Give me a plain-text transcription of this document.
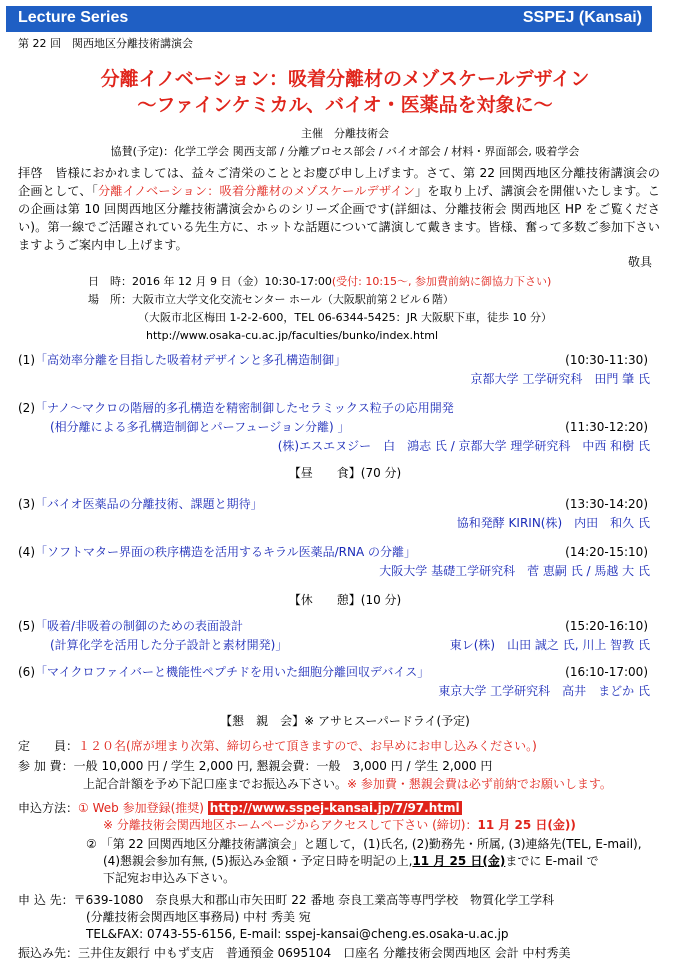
Lecture Series	SSPEJ (Kansai)
第 22 回　関西地区分離技術講演会
分離イノベーション：吸着分離材のメゾスケールデザイン
～ファインケミカル、バイオ・医薬品を対象に～
主催　分離技術会
協賛(予定)：化学工学会 関西支部 / 分離プロセス部会 / バイオ部会 / 材料・界面部会, 吸着学会
拝啓　皆様におかれましては、益々ご清栄のこととお慶び申し上げます。さて、第 22 回関西地区分離技術講演会の企画として、「分離イノベーション：吸着分離材のメゾスケールデザイン」を取り上げ、講演会を開催いたします。この企画は第 10 回関西地区分離技術講演会からのシリーズ企画です(詳細は、分離技術会 関西地区 HP をご覧ください)。第一線でご活躍されている先生方に、ホットな話題について講演して戴きます。皆様、奮って多数ご参加下さいますようご案内申し上げます。
敬具
日　時：2016 年 12 月 9 日（金）10:30-17:00(受付: 10:15～, 参加費前納に御協力下さい)
場　所：大阪市立大学文化交流センター ホール（大阪駅前第２ビル６階）
（大阪市北区梅田 1-2-2-600，TEL 06-6344-5425：JR 大阪駅下車，徒歩 10 分）
http://www.osaka-cu.ac.jp/faculties/bunko/index.html
(1)「高効率分離を目指した吸着材デザインと多孔構造制御」	(10:30-11:30)
京都大学 工学研究科　田門 肇 氏
(2)「ナノ～マクロの階層的多孔構造を精密制御したセラミックス粒子の応用開発
(相分離による多孔構造制御とパーフュージョン分離) 」	(11:30-12:20)
(株)エスエヌジー　白　鴻志 氏 / 京都大学 理学研究科　中西 和樹 氏
【昼　　食】(70 分)
(3)「バイオ医薬品の分離技術、課題と期待」	(13:30-14:20)
協和発酵 KIRIN(株)　内田　和久 氏
(4)「ソフトマター界面の秩序構造を活用するキラル医薬品/RNA の分離」	(14:20-15:10)
大阪大学 基礎工学研究科　菅 恵嗣 氏 / 馬越 大 氏
【休　　憩】(10 分)
(5)「吸着/非吸着の制御のための表面設計	(15:20-16:10)
(計算化学を活用した分子設計と素材開発)」	東レ(株)　山田 誠之 氏, 川上 智教 氏
(6)「マイクロファイバーと機能性ペプチドを用いた細胞分離回収デバイス」	(16:10-17:00)
東京大学 工学研究科　高井　まどか 氏
【懇　親　会】※ アサヒスーパードライ(予定)
定　　員：１２０名(席が埋まり次第、締切らせて頂きますので、お早めにお申し込みください。)
参 加 費：一般 10,000 円 / 学生 2,000 円, 懇親会費：一般　3,000 円 / 学生 2,000 円
上記合計額を予め下記口座までお振込み下さい。※ 参加費・懇親会費は必ず前納でお願いします。
申込方法：① Web 参加登録(推奨) http://www.sspej-kansai.jp/7/97.html
※ 分離技術会関西地区ホームページからアクセスして下さい (締切)：11 月 25 日(金))
② 「第 22 回関西地区分離技術講演会」と題して，(1)氏名, (2)勤務先・所属, (3)連絡先(TEL, E-mail),
(4)懇親会参加有無, (5)振込み金額・予定日時を明記の上,11 月 25 日(金)までに E-mail で
下記宛お申込み下さい。
申 込 先：〒639-1080　奈良県大和郡山市矢田町 22 番地 奈良工業高等専門学校　物質化学工学科
(分離技術会関西地区事務局) 中村 秀美 宛
TEL&FAX: 0743-55-6156, E-mail: sspej-kansai@cheng.es.osaka-u.ac.jp
振込み先：三井住友銀行 中もず支店　普通預金 0695104　口座名 分離技術会関西地区 会計 中村秀美
